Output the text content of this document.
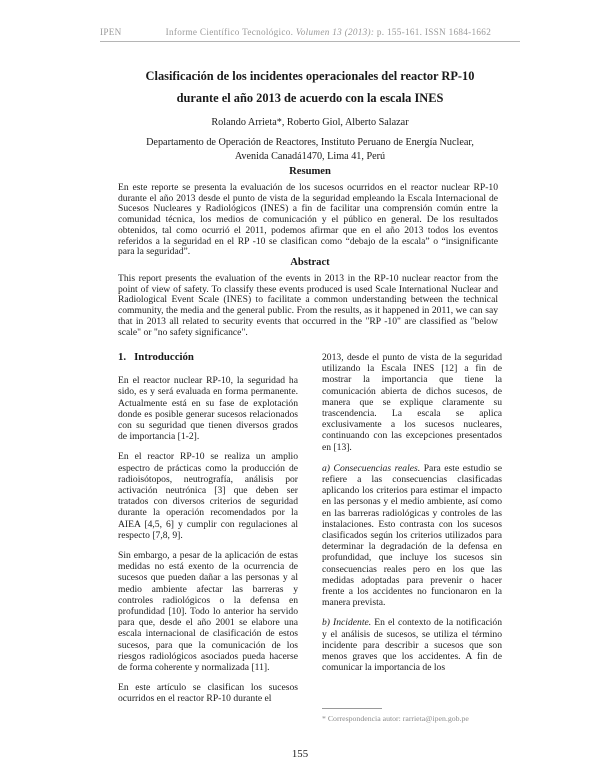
IPEN	Informe Científico Tecnológico. Volumen 13 (2013): p. 155-161. ISSN 1684-1662
Clasificación de los incidentes operacionales del reactor RP-10
durante el año 2013 de acuerdo con la escala INES
Rolando Arrieta*, Roberto Giol, Alberto Salazar
Departamento de Operación de Reactores, Instituto Peruano de Energía Nuclear,
Avenida Canadá1470, Lima 41, Perú
Resumen
En este reporte se presenta la evaluación de los sucesos ocurridos en el reactor nuclear RP-10 durante el año 2013 desde el punto de vista de la seguridad empleando la Escala Internacional de Sucesos Nucleares y Radiológicos (INES) a fin de facilitar una comprensión común entre la comunidad técnica, los medios de comunicación y el público en general. De los resultados obtenidos, tal como ocurrió el 2011, podemos afirmar que en el año 2013 todos los eventos referidos a la seguridad en el RP -10 se clasifican como “debajo de la escala” o “insignificante para la seguridad”.
Abstract
This report presents the evaluation of the events in 2013 in the RP-10 nuclear reactor from the point of view of safety. To classify these events produced is used Scale International Nuclear and Radiological Event Scale (INES) to facilitate a common understanding between the technical community, the media and the general public. From the results, as it happened in 2011, we can say that in 2013 all related to security events that occurred in the "RP -10" are classified as "below scale" or "no safety significance".
1. Introducción

En el reactor nuclear RP-10, la seguridad ha sido, es y será evaluada en forma permanente. Actualmente está en su fase de explotación donde es posible generar sucesos relacionados con su seguridad que tienen diversos grados de importancia [1-2].

En el reactor RP-10 se realiza un amplio espectro de prácticas como la producción de radioisótopos, neutrografía, análisis por activación neutrónica [3] que deben ser tratados con diversos criterios de seguridad durante la operación recomendados por la AIEA [4,5, 6] y cumplir con regulaciones al respecto [7,8, 9].

Sin embargo, a pesar de la aplicación de estas medidas no está exento de la ocurrencia de sucesos que pueden dañar a las personas y al medio ambiente afectar las barreras y controles radiológicos o la defensa en profundidad [10]. Todo lo anterior ha servido para que, desde el año 2001 se elabore una escala internacional de clasificación de estos sucesos, para que la comunicación de los riesgos radiológicos asociados pueda hacerse de forma coherente y normalizada [11].

En este artículo se clasifican los sucesos ocurridos en el reactor RP-10 durante el

2013, desde el punto de vista de la seguridad utilizando la Escala INES [12] a fin de mostrar la importancia que tiene la comunicación abierta de dichos sucesos, de manera que se explique claramente su trascendencia. La escala se aplica exclusivamente a los sucesos nucleares, continuando con las excepciones presentados en [13].

a) Consecuencias reales. Para este estudio se refiere a las consecuencias clasificadas aplicando los criterios para estimar el impacto en las personas y el medio ambiente, así como en las barreras radiológicas y controles de las instalaciones. Esto contrasta con los sucesos clasificados según los criterios utilizados para determinar la degradación de la defensa en profundidad, que incluye los sucesos sin consecuencias reales pero en los que las medidas adoptadas para prevenir o hacer frente a los accidentes no funcionaron en la manera prevista.

b) Incidente. En el contexto de la notificación y el análisis de sucesos, se utiliza el término incidente para describir a sucesos que son menos graves que los accidentes. A fin de comunicar la importancia de los

* Correspondencia autor: rarrieta@ipen.gob.pe
155
